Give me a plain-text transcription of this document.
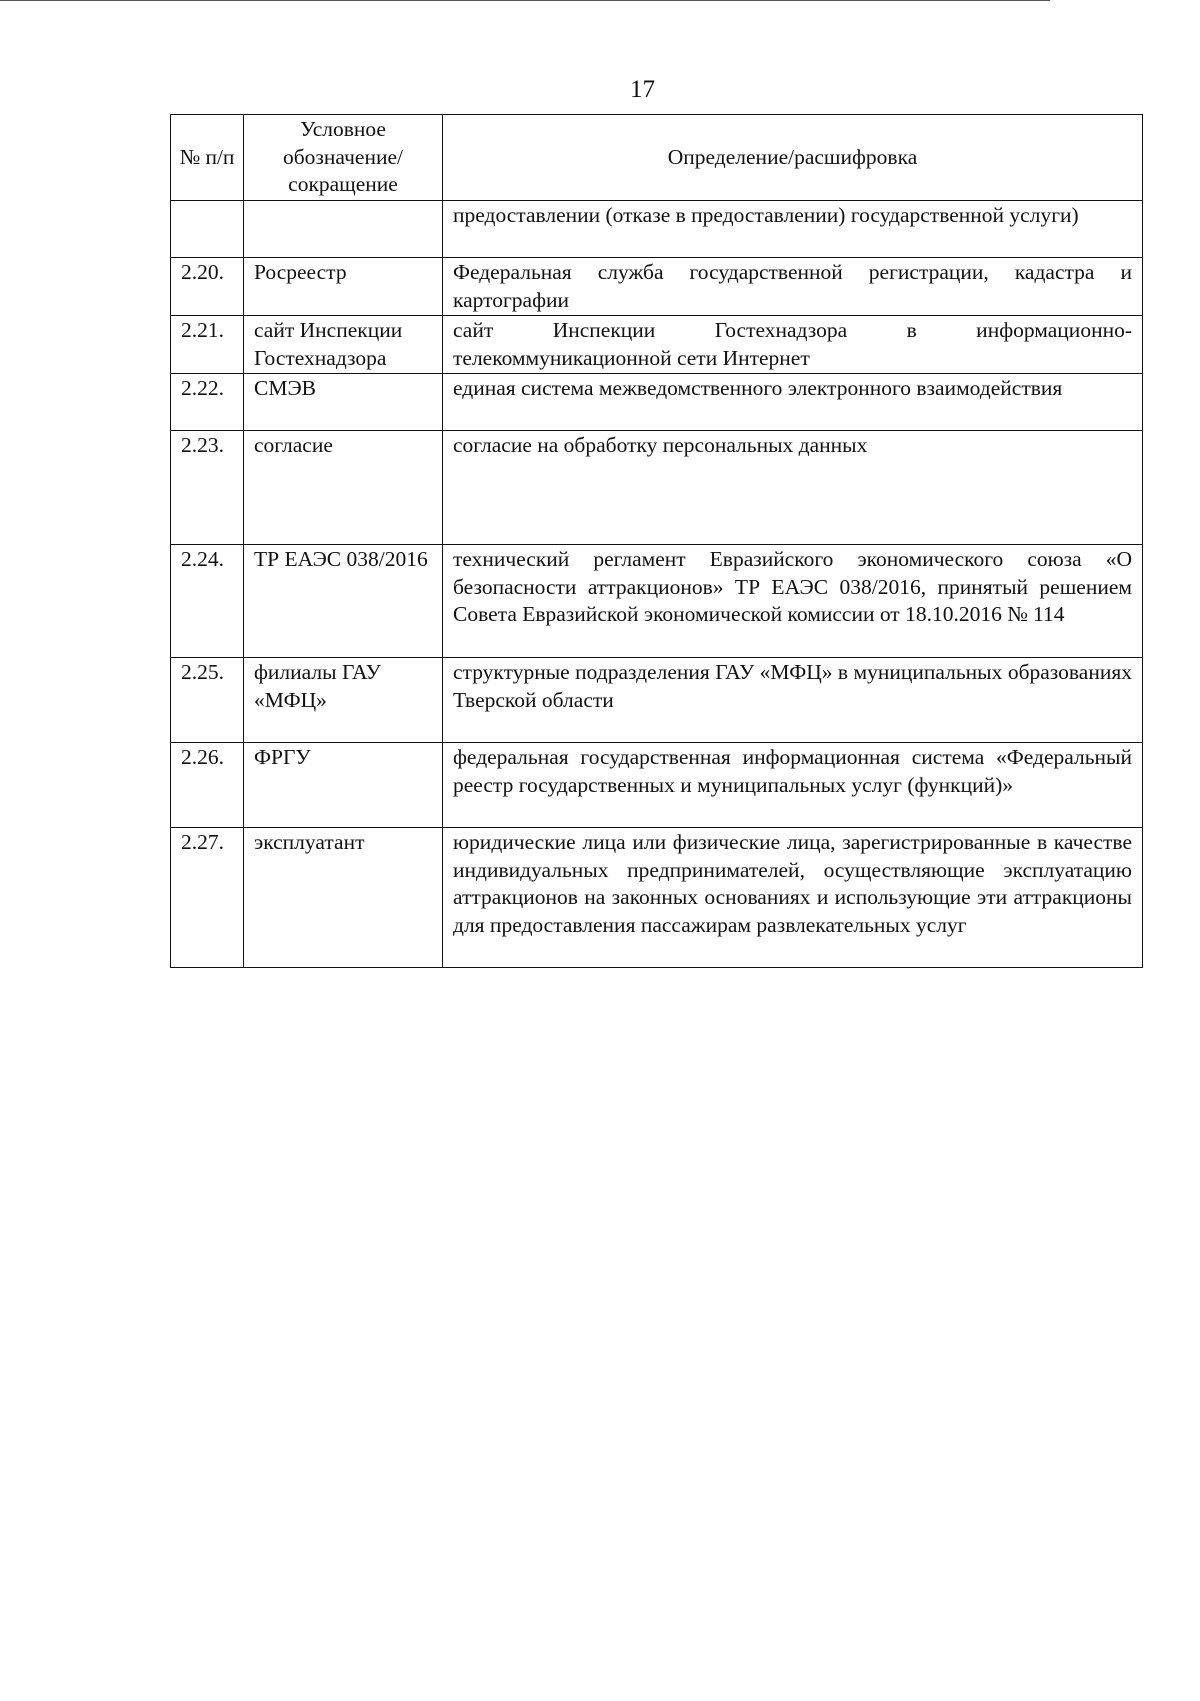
17
№ п/п	Условное обозначение/ сокращение	Определение/расшифровка
		предоставлении (отказе в предоставлении) государственной услуги)
2.20.	Росреестр	Федеральная служба государственной регистрации, кадастра и картографии
2.21.	сайт Инспекции Гостехнадзора	сайт Инспекции Гостехнадзора в информационно-телекоммуникационной сети Интернет
2.22.	СМЭВ	единая система межведомственного электронного взаимодействия
2.23.	согласие	согласие на обработку персональных данных
2.24.	ТР ЕАЭС 038/2016	технический регламент Евразийского экономического союза «О безопасности аттракционов» ТР ЕАЭС 038/2016, принятый решением Совета Евразийской экономической комиссии от 18.10.2016 № 114
2.25.	филиалы ГАУ «МФЦ»	структурные подразделения ГАУ «МФЦ» в муниципальных образованиях Тверской области
2.26.	ФРГУ	федеральная государственная информационная система «Федеральный реестр государственных и муниципальных услуг (функций)»
2.27.	эксплуатант	юридические лица или физические лица, зарегистрированные в качестве индивидуальных предпринимателей, осуществляющие эксплуатацию аттракционов на законных основаниях и использующие эти аттракционы для предоставления пассажирам развлекательных услуг
